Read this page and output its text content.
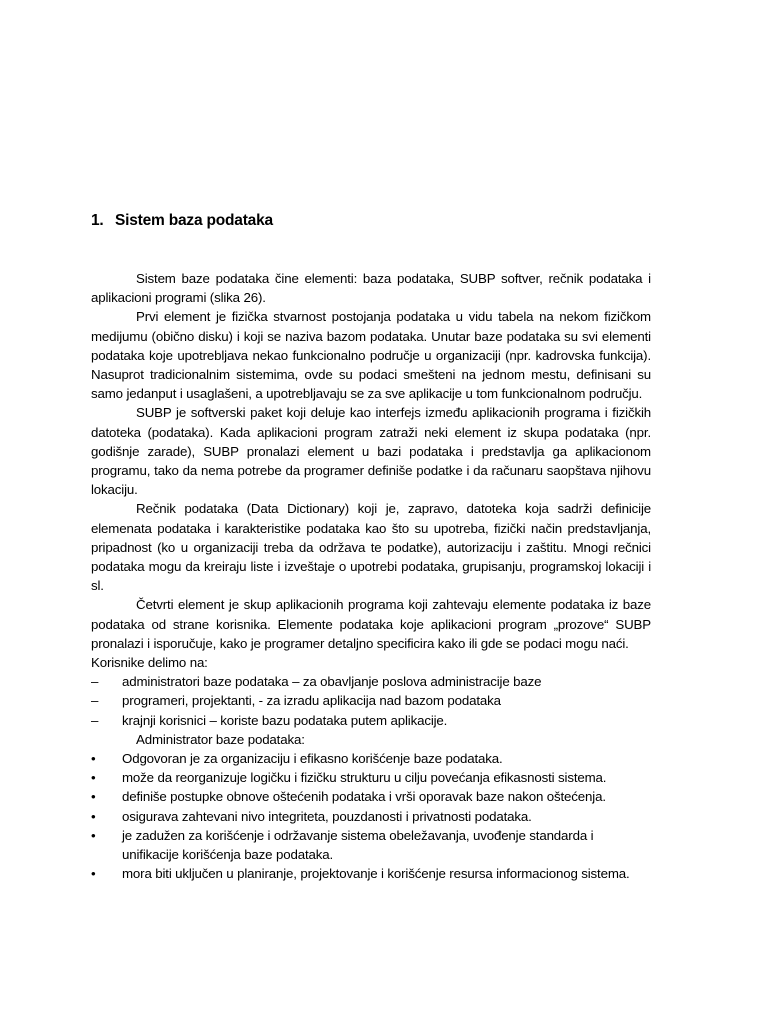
1. Sistem baza podataka

Sistem baze podataka čine elementi: baza podataka, SUBP softver, rečnik podataka i aplikacioni programi (slika 26).

Prvi element je fizička stvarnost postojanja podataka u vidu tabela na nekom fizičkom medijumu (obično disku) i koji se naziva bazom podataka. Unutar baze podataka su svi elementi podataka koje upotrebljava nekao funkcionalno područje u organizaciji (npr. kadrovska funkcija). Nasuprot tradicionalnim sistemima, ovde su podaci smešteni na jednom mestu, definisani su samo jedanput i usaglašeni, a upotrebljavaju se za sve aplikacije u tom funkcionalnom području.

SUBP je softverski paket koji deluje kao interfejs između aplikacionih programa i fizičkih datoteka (podataka). Kada aplikacioni program zatraži neki element iz skupa podataka (npr. godišnje zarade), SUBP pronalazi element u bazi podataka i predstavlja ga aplikacionom programu, tako da nema potrebe da programer definiše podatke i da računaru saopštava njihovu lokaciju.

Rečnik podataka (Data Dictionary) koji je, zapravo, datoteka koja sadrži definicije elemenata podataka i karakteristike podataka kao što su upotreba, fizički način predstavljanja, pripadnost (ko u organizaciji treba da održava te podatke), autorizaciju i zaštitu. Mnogi rečnici podataka mogu da kreiraju liste i izveštaje o upotrebi podataka, grupisanju, programskoj lokaciji i sl.

Četvrti element je skup aplikacionih programa koji zahtevaju elemente podataka iz baze podataka od strane korisnika. Elemente podataka koje aplikacioni program „prozove“ SUBP pronalazi i isporučuje, kako je programer detaljno specificira kako ili gde se podaci mogu naći.

Korisnike delimo na:

–	administratori baze podataka – za obavljanje poslova administracije baze
–	programeri, projektanti, - za izradu aplikacija nad bazom podataka
–	krajnji korisnici – koriste bazu podataka putem aplikacije.

Administrator baze podataka:

•	Odgovoran je za organizaciju i efikasno korišćenje baze podataka.
•	može da reorganizuje logičku i fizičku strukturu u cilju povećanja efikasnosti sistema.
•	definiše postupke obnove oštećenih podataka i vrši oporavak baze nakon oštećenja.
•	osigurava zahtevani nivo integriteta, pouzdanosti i privatnosti podataka.
•	je zadužen za korišćenje i održavanje sistema obeležavanja, uvođenje standarda i unifikacije korišćenja baze podataka.
•	mora biti uključen u planiranje, projektovanje i korišćenje resursa informacionog sistema.
